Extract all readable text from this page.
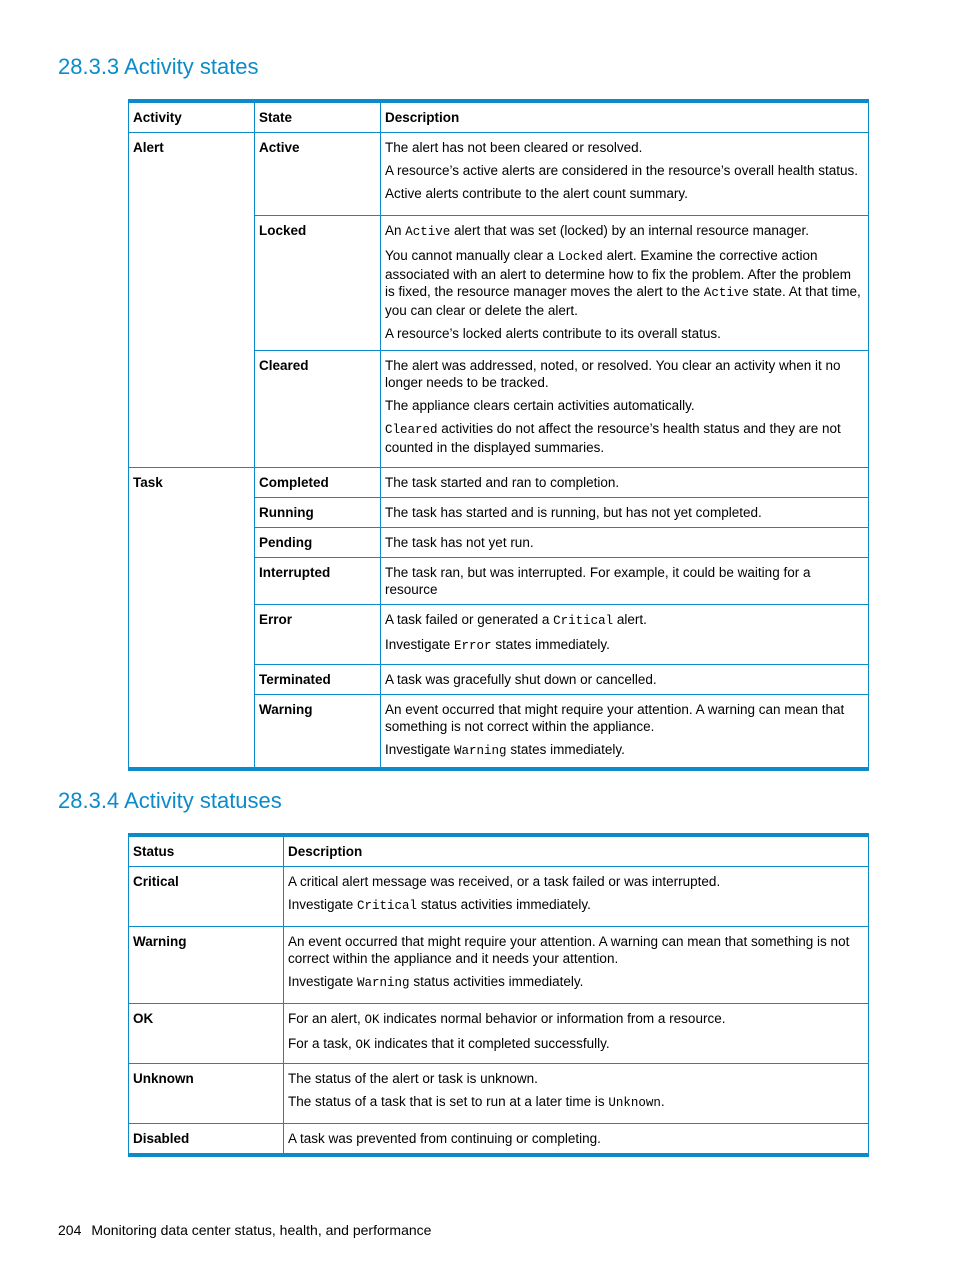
28.3.3 Activity states
Activity	State	Description

Alert	Active	The alert has not been cleared or resolved.

A resource’s active alerts are considered in the resource’s overall health status.

Active alerts contribute to the alert count summary.

	Locked	An Active alert that was set (locked) by an internal resource manager.

You cannot manually clear a Locked alert. Examine the corrective action associated with an alert to determine how to fix the problem. After the problem is fixed, the resource manager moves the alert to the Active state. At that time, you can clear or delete the alert.

A resource’s locked alerts contribute to its overall status.

	Cleared	The alert was addressed, noted, or resolved. You clear an activity when it no longer needs to be tracked.

The appliance clears certain activities automatically.

Cleared activities do not affect the resource’s health status and they are not counted in the displayed summaries.

Task	Completed	The task started and ran to completion.

	Running	The task has started and is running, but has not yet completed.

	Pending	The task has not yet run.

	Interrupted	The task ran, but was interrupted. For example, it could be waiting for a resource

	Error	A task failed or generated a Critical alert.

Investigate Error states immediately.

	Terminated	A task was gracefully shut down or cancelled.

	Warning	An event occurred that might require your attention. A warning can mean that something is not correct within the appliance.

Investigate Warning states immediately.

28.3.4 Activity statuses
Status	Description
Critical	A critical alert message was received, or a task failed or was interrupted.

Investigate Critical status activities immediately.

Warning	An event occurred that might require your attention. A warning can mean that something is not correct within the appliance and it needs your attention.

Investigate Warning status activities immediately.

OK	For an alert, OK indicates normal behavior or information from a resource.

For a task, OK indicates that it completed successfully.

Unknown	The status of the alert or task is unknown.

The status of a task that is set to run at a later time is Unknown.

Disabled	A task was prevented from continuing or completing.

204 Monitoring data center status, health, and performance
